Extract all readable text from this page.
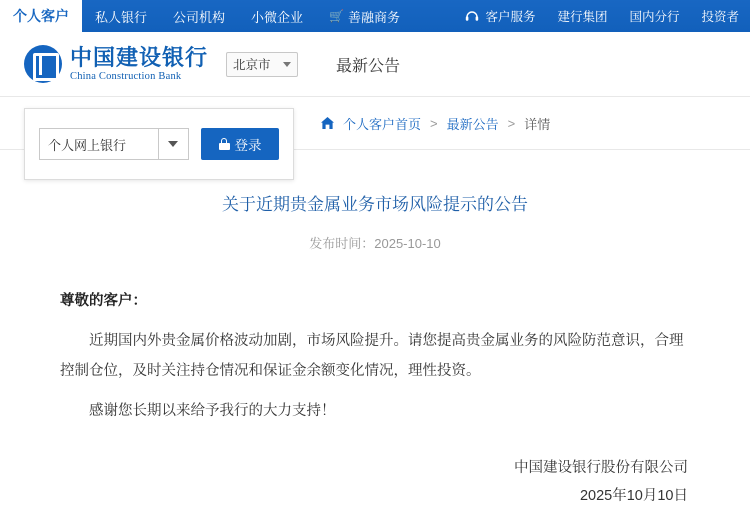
个人客户 私人银行 公司机构 小微企业 🛒 善融商务	客户服务 建行集团 国内分行 投资者
中国建设银行
China Construction Bank
北京市	最新公告
个人客户首页 > 最新公告 > 详情
个人网上银行	登录
关于近期贵金属业务市场风险提示的公告
发布时间：2025-10-10
尊敬的客户：
近期国内外贵金属价格波动加剧，市场风险提升。请您提高贵金属业务的风险防范意识，合理控制仓位，及时关注持仓情况和保证金余额变化情况，理性投资。
感谢您长期以来给予我行的大力支持！
中国建设银行股份有限公司
2025年10月10日
